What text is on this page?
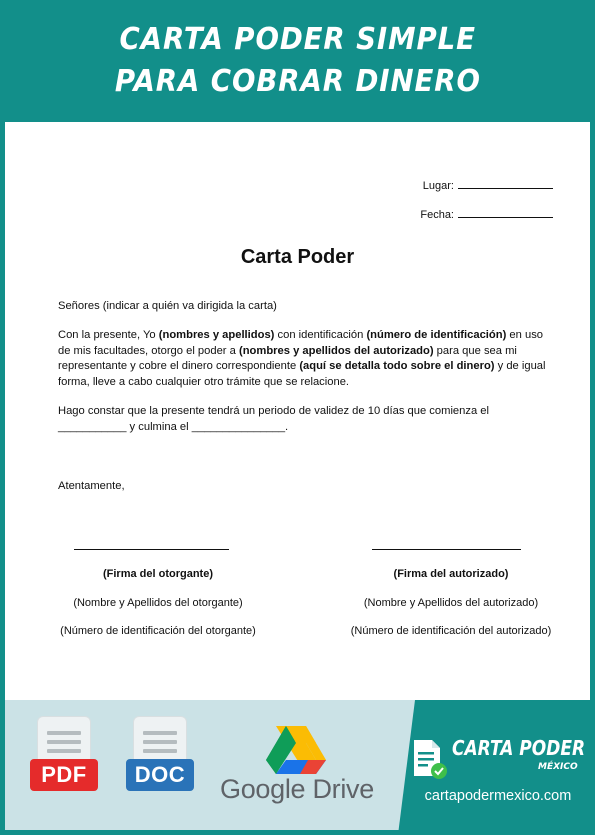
CARTA PODER SIMPLE
PARA COBRAR DINERO
Lugar:
Fecha:
Carta Poder
Señores (indicar a quién va dirigida la carta)
Con la presente, Yo (nombres y apellidos) con identificación (número de identificación) en uso de mis facultades, otorgo el poder a (nombres y apellidos del autorizado) para que sea mi representante y cobre el dinero correspondiente (aquí se detalla todo sobre el dinero) y de igual forma, lleve a cabo cualquier otro trámite que se relacione.
Hago constar que la presente tendrá un periodo de validez de 10 días que comienza el
___________ y culmina el _______________.
Atentamente,
(Firma del otorgante)
(Nombre y Apellidos del otorgante)
(Número de identificación del otorgante)
(Firma del autorizado)
(Nombre y Apellidos del autorizado)
(Número de identificación del autorizado)
PDF	DOC	Google Drive
CARTA PODER
MÉXICO
cartapodermexico.com
